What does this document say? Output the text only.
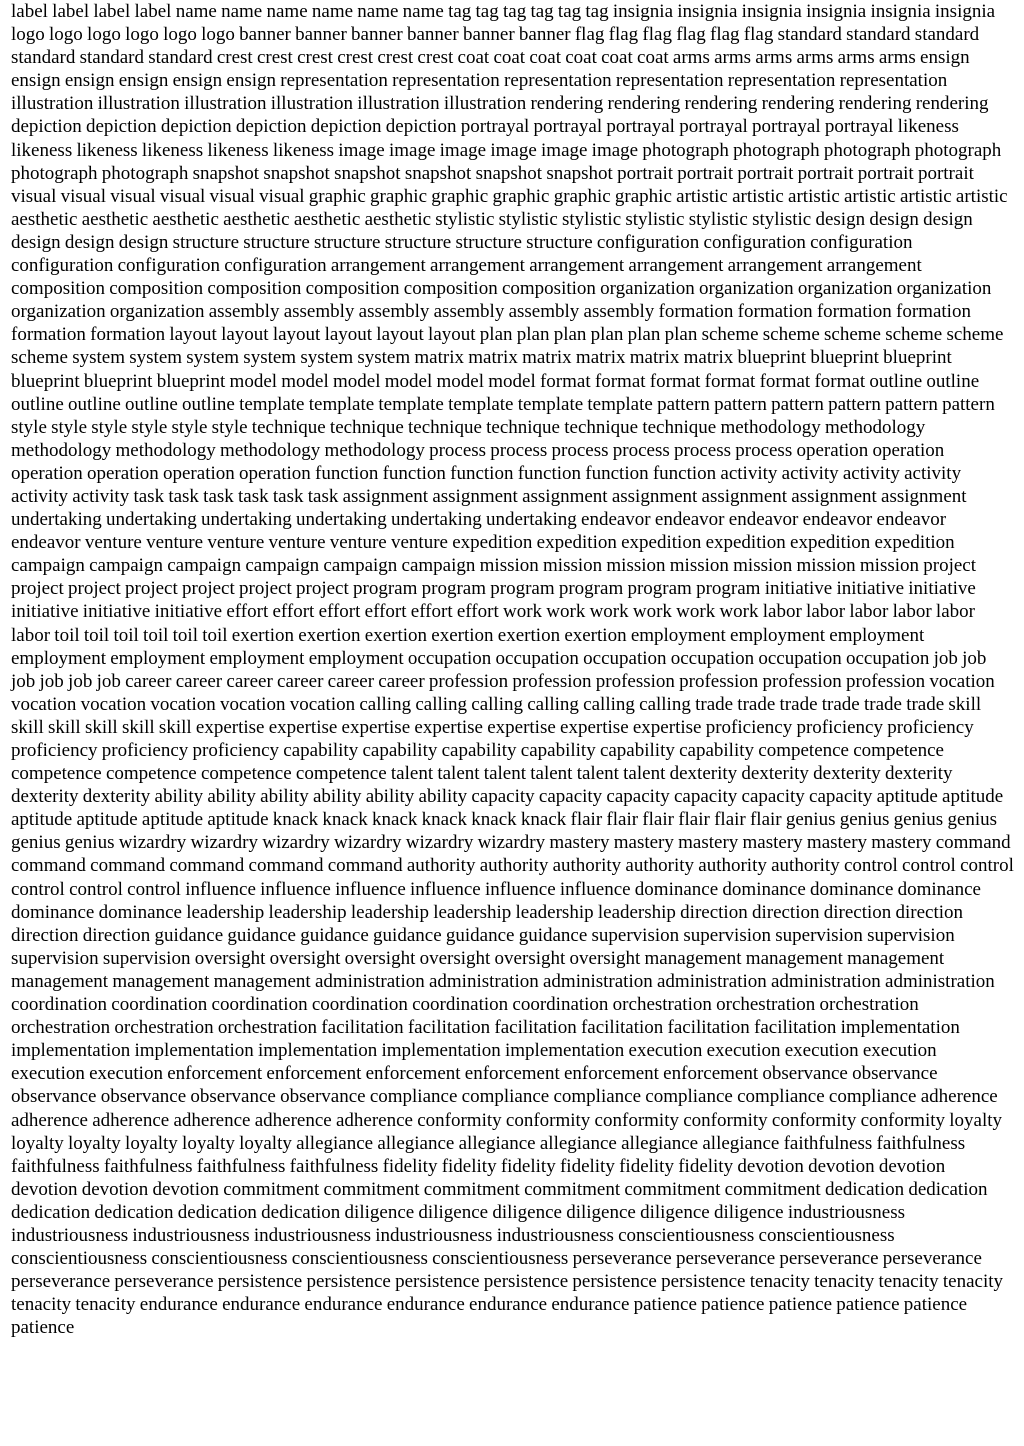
label label label label name name name name name name tag tag tag tag tag tag insignia insignia insignia insignia insignia insignia logo logo logo logo logo logo banner banner banner banner banner banner flag flag flag flag flag flag standard standard standard standard standard standard crest crest crest crest crest crest coat coat coat coat coat coat arms arms arms arms arms arms ensign ensign ensign ensign ensign ensign representation representation representation representation representation representation illustration illustration illustration illustration illustration illustration rendering rendering rendering rendering rendering rendering depiction depiction depiction depiction depiction depiction portrayal portrayal portrayal portrayal portrayal portrayal likeness likeness likeness likeness likeness likeness image image image image image image photograph photograph photograph photograph photograph photograph snapshot snapshot snapshot snapshot snapshot snapshot portrait portrait portrait portrait portrait portrait visual visual visual visual visual visual graphic graphic graphic graphic graphic graphic artistic artistic artistic artistic artistic artistic aesthetic aesthetic aesthetic aesthetic aesthetic aesthetic stylistic stylistic stylistic stylistic stylistic stylistic design design design design design design structure structure structure structure structure structure configuration configuration configuration configuration configuration configuration arrangement arrangement arrangement arrangement arrangement arrangement composition composition composition composition composition composition organization organization organization organization organization organization assembly assembly assembly assembly assembly assembly formation formation formation formation formation formation layout layout layout layout layout layout plan plan plan plan plan plan scheme scheme scheme scheme scheme scheme system system system system system system matrix matrix matrix matrix matrix matrix blueprint blueprint blueprint blueprint blueprint blueprint model model model model model model format format format format format format outline outline outline outline outline outline template template template template template template pattern pattern pattern pattern pattern pattern style style style style style style technique technique technique technique technique technique methodology methodology methodology methodology methodology methodology process process process process process process operation operation operation operation operation operation function function function function function function activity activity activity activity activity activity task task task task task task assignment assignment assignment assignment assignment assignment assignment undertaking undertaking undertaking undertaking undertaking undertaking endeavor endeavor endeavor endeavor endeavor endeavor venture venture venture venture venture venture expedition expedition expedition expedition expedition expedition campaign campaign campaign campaign campaign campaign mission mission mission mission mission mission mission project project project project project project project program program program program program program initiative initiative initiative initiative initiative initiative effort effort effort effort effort effort work work work work work work labor labor labor labor labor labor toil toil toil toil toil toil exertion exertion exertion exertion exertion exertion employment employment employment employment employment employment employment occupation occupation occupation occupation occupation occupation job job job job job job career career career career career career profession profession profession profession profession profession vocation vocation vocation vocation vocation vocation calling calling calling calling calling calling trade trade trade trade trade trade skill skill skill skill skill skill expertise expertise expertise expertise expertise expertise expertise proficiency proficiency proficiency proficiency proficiency proficiency capability capability capability capability capability capability competence competence competence competence competence competence talent talent talent talent talent talent dexterity dexterity dexterity dexterity dexterity dexterity ability ability ability ability ability ability capacity capacity capacity capacity capacity capacity aptitude aptitude aptitude aptitude aptitude aptitude knack knack knack knack knack knack flair flair flair flair flair flair genius genius genius genius genius genius wizardry wizardry wizardry wizardry wizardry wizardry mastery mastery mastery mastery mastery mastery command command command command command command authority authority authority authority authority authority control control control control control control influence influence influence influence influence influence dominance dominance dominance dominance dominance dominance leadership leadership leadership leadership leadership leadership direction direction direction direction direction direction guidance guidance guidance guidance guidance guidance supervision supervision supervision supervision supervision supervision oversight oversight oversight oversight oversight oversight management management management management management management administration administration administration administration administration administration coordination coordination coordination coordination coordination coordination orchestration orchestration orchestration orchestration orchestration orchestration facilitation facilitation facilitation facilitation facilitation facilitation implementation implementation implementation implementation implementation implementation execution execution execution execution execution execution enforcement enforcement enforcement enforcement enforcement enforcement observance observance observance observance observance observance compliance compliance compliance compliance compliance compliance adherence adherence adherence adherence adherence adherence conformity conformity conformity conformity conformity conformity loyalty loyalty loyalty loyalty loyalty loyalty allegiance allegiance allegiance allegiance allegiance allegiance faithfulness faithfulness faithfulness faithfulness faithfulness faithfulness fidelity fidelity fidelity fidelity fidelity fidelity devotion devotion devotion devotion devotion devotion commitment commitment commitment commitment commitment commitment dedication dedication dedication dedication dedication dedication diligence diligence diligence diligence diligence diligence industriousness industriousness industriousness industriousness industriousness industriousness conscientiousness conscientiousness conscientiousness conscientiousness conscientiousness conscientiousness perseverance perseverance perseverance perseverance perseverance perseverance persistence persistence persistence persistence persistence persistence tenacity tenacity tenacity tenacity tenacity tenacity endurance endurance endurance endurance endurance endurance patience patience patience patience patience patience
